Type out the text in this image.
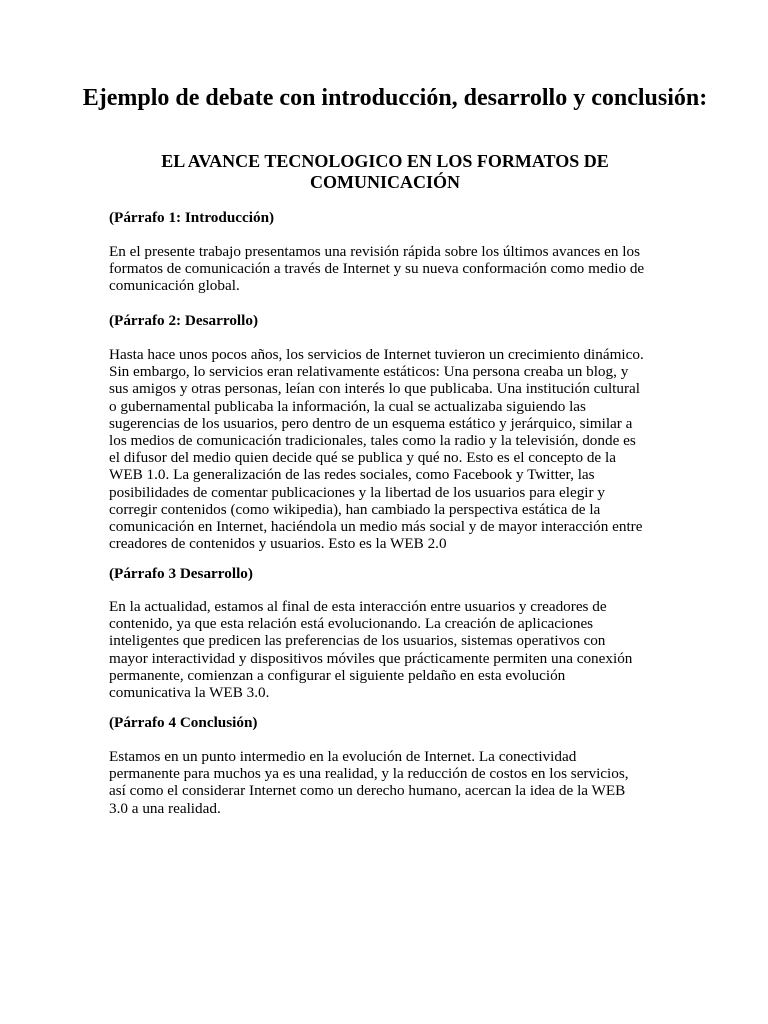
Ejemplo de debate con introducción, desarrollo y conclusión:
EL AVANCE TECNOLOGICO EN LOS FORMATOS DE COMUNICACIÓN
(Párrafo 1: Introducción)
En el presente trabajo presentamos una revisión rápida sobre los últimos avances en los
formatos de comunicación a través de Internet y su nueva conformación como medio de
comunicación global.
(Párrafo 2: Desarrollo)
Hasta hace unos pocos años, los servicios de Internet tuvieron un crecimiento dinámico.
Sin embargo, lo servicios eran relativamente estáticos: Una persona creaba un blog, y
sus amigos y otras personas, leían con interés lo que publicaba. Una institución cultural
o gubernamental publicaba la información, la cual se actualizaba siguiendo las
sugerencias de los usuarios, pero dentro de un esquema estático y jerárquico, similar a
los medios de comunicación tradicionales, tales como la radio y la televisión, donde es
el difusor del medio quien decide qué se publica y qué no. Esto es el concepto de la
WEB 1.0. La generalización de las redes sociales, como Facebook y Twitter, las
posibilidades de comentar publicaciones y la libertad de los usuarios para elegir y
corregir contenidos (como wikipedia), han cambiado la perspectiva estática de la
comunicación en Internet, haciéndola un medio más social y de mayor interacción entre
creadores de contenidos y usuarios. Esto es la WEB 2.0
(Párrafo 3 Desarrollo)
En la actualidad, estamos al final de esta interacción entre usuarios y creadores de
contenido, ya que esta relación está evolucionando. La creación de aplicaciones
inteligentes que predicen las preferencias de los usuarios, sistemas operativos con
mayor interactividad y dispositivos móviles que prácticamente permiten una conexión
permanente, comienzan a configurar el siguiente peldaño en esta evolución
comunicativa la WEB 3.0.
(Párrafo 4 Conclusión)
Estamos en un punto intermedio en la evolución de Internet. La conectividad
permanente para muchos ya es una realidad, y la reducción de costos en los servicios,
así como el considerar Internet como un derecho humano, acercan la idea de la WEB
3.0 a una realidad.
